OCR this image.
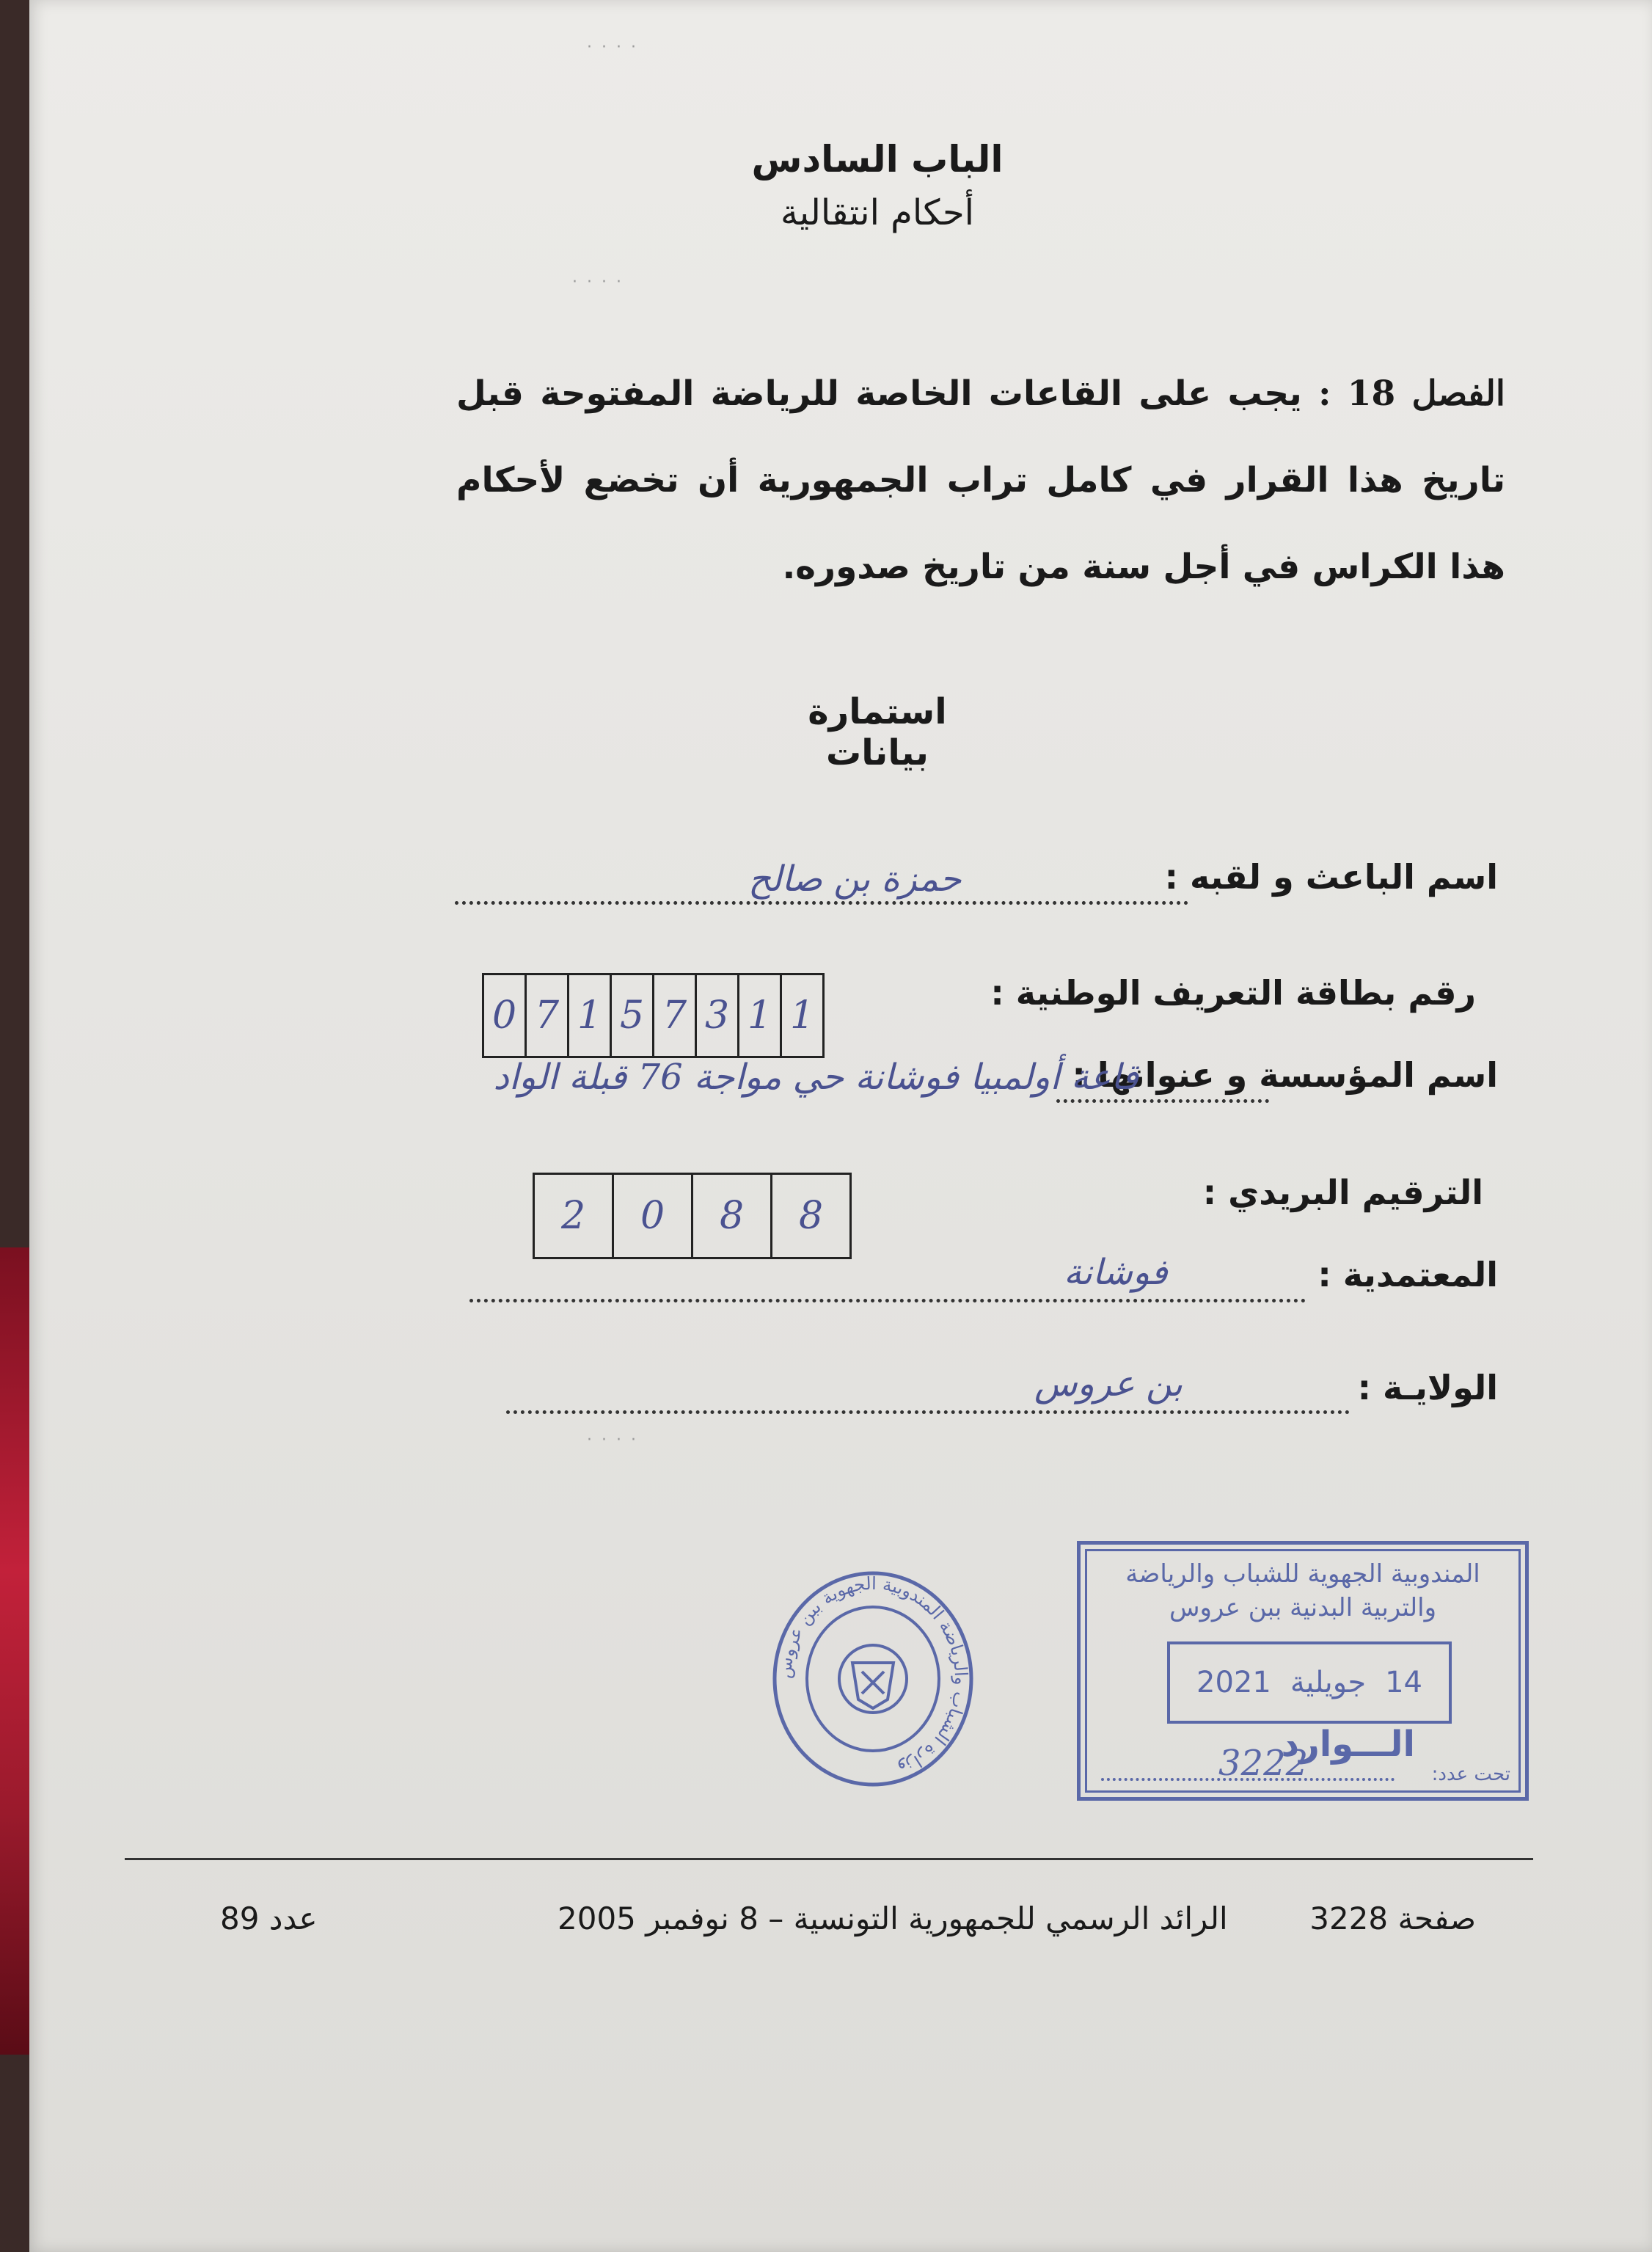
· · · ·
· · · ·
· · · ·
الباب السادس
أحكام انتقالية
الفصل 18 : يجب على القاعات الخاصة للرياضة المفتوحة قبل تاريخ هذا القرار في كامل تراب الجمهورية أن تخضع لأحكام هذا الكراس في أجل سنة من تاريخ صدوره.
استمارة بيانات
اسم الباعث و لقبه :
حمزة بن صالح
رقم بطاقة التعريف الوطنية :
0 7 1 5 7 3 1 1
اسم المؤسسة و عنوانها :
قاعة أولمبيا فوشانة حي مواجة 76 قبلة الواد
الترقيم البريدي :
2	0	8	8
المعتمدية :
فوشانة
الولايـة :
بن عروس
وزارة الشباب والرياضة المندوبية الجهوية ببن عروس
المندوبية الجهوية للشباب والرياضة
والتربية البدنية ببن عروس
14
جويلية
2021
الـــوارد
تحت عدد:
3222
صفحة 3228
الرائد الرسمي للجمهورية التونسية – 8 نوفمبر 2005
عدد 89
